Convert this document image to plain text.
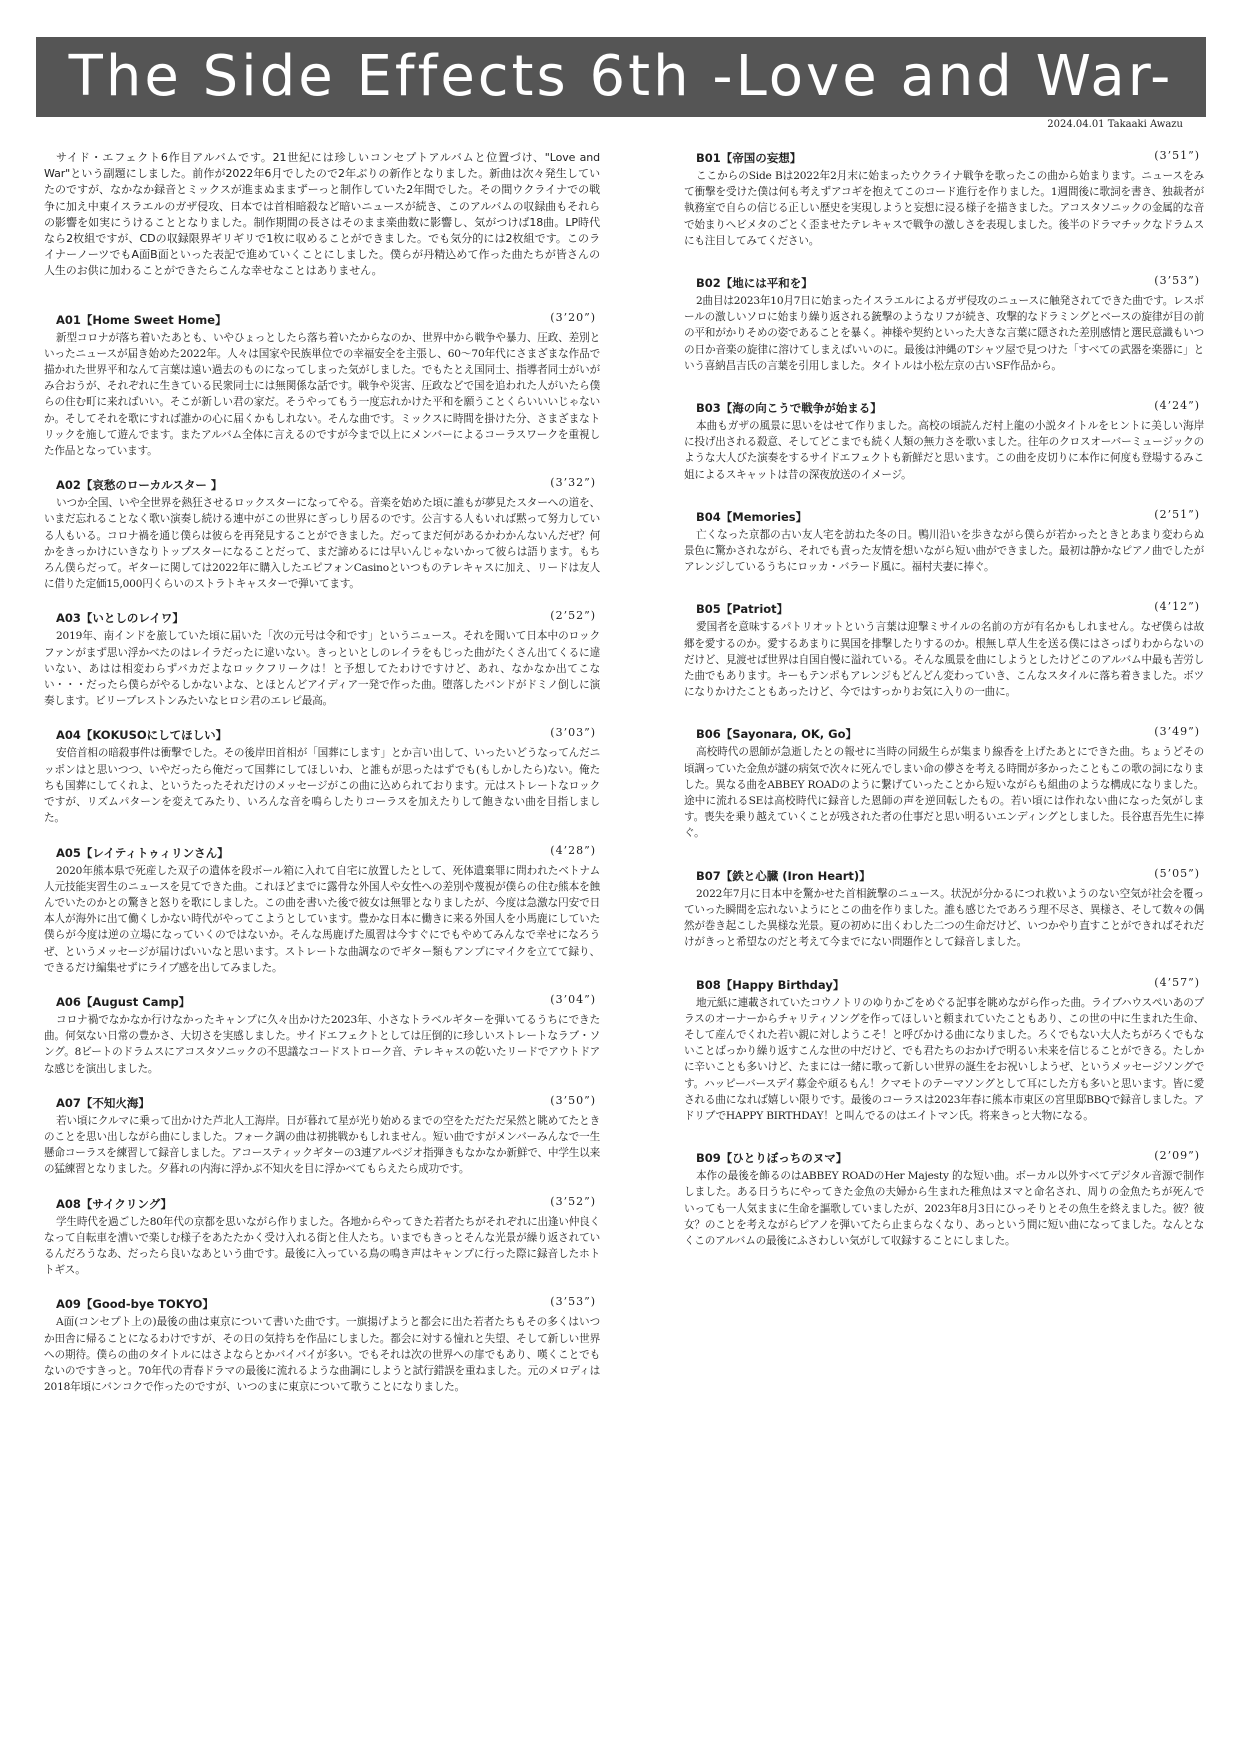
The Side Effects 6th -Love and War-
2024.04.01 Takaaki Awazu

サイド・エフェクト6作目アルバムです。21世紀には珍しいコンセプトアルバムと位置づけ、"Love and War"という副題にしました。前作が2022年6月でしたので2年ぶりの新作となりました。新曲は次々発生していたのですが、なかなか録音とミックスが進まぬままずーっと制作していた2年間でした。その間ウクライナでの戦争に加え中東イスラエルのガザ侵攻、日本では首相暗殺など暗いニュースが続き、このアルバムの収録曲もそれらの影響を如実にうけることとなりました。制作期間の長さはそのまま楽曲数に影響し、気がつけば18曲。LP時代なら2枚組ですが、CDの収録限界ギリギリで1枚に収めることができました。でも気分的には2枚組です。このライナーノーツでもA面B面といった表記で進めていくことにしました。僕らが丹精込めて作った曲たちが皆さんの人生のお供に加わることができたらこんな幸せなことはありません。

A01【Home Sweet Home】	(3’20”)

新型コロナが落ち着いたあとも、いやひょっとしたら落ち着いたからなのか、世界中から戦争や暴力、圧政、差別といったニュースが届き始めた2022年。人々は国家や民族単位での幸福安全を主張し、60〜70年代にさまざまな作品で描かれた世界平和なんて言葉は遠い過去のものになってしまった気がしました。でもたとえ国同士、指導者同士がいがみ合おうが、それぞれに生きている民衆同士には無関係な話です。戦争や災害、圧政などで国を追われた人がいたら僕らの住む町に来ればいい。そこが新しい君の家だ。そうやってもう一度忘れかけた平和を願うことくらいいいじゃないか。そしてそれを歌にすれば誰かの心に届くかもしれない。そんな曲です。ミックスに時間を掛けた分、さまざまなトリックを施して遊んでます。またアルバム全体に言えるのですが今まで以上にメンバーによるコーラスワークを重視した作品となっています。

A02【哀愁のローカルスター 】	(3’32”)

いつか全国、いや全世界を熱狂させるロックスターになってやる。音楽を始めた頃に誰もが夢見たスターへの道を、いまだ忘れることなく歌い演奏し続ける連中がこの世界にぎっしり居るのです。公言する人もいれば黙って努力している人もいる。コロナ禍を通じ僕らは彼らを再発見することができました。だってまだ何があるかわかんないんだぜ？何かをきっかけにいきなりトップスターになることだって、まだ諦めるには早いんじゃないかって彼らは語ります。もちろん僕らだって。ギターに関しては2022年に購入したエピフォンCasinoといつものテレキャスに加え、リードは友人に借りた定価15,000円くらいのストラトキャスターで弾いてます。

A03【いとしのレイワ】	(2’52”)

2019年、南インドを旅していた頃に届いた「次の元号は令和です」というニュース。それを聞いて日本中のロックファンがまず思い浮かべたのはレイラだったに違いない。きっといとしのレイラをもじった曲がたくさん出てくるに違いない、あはは相変わらずバカだよなロックフリークは！と予想してたわけですけど、あれ、なかなか出てこない・・・だったら僕らがやるしかないよな、とほとんどアイディア一発で作った曲。堕落したバンドがドミノ倒しに演奏します。ビリープレストンみたいなヒロシ君のエレピ最高。

A04【KOKUSOにしてほしい】	(3’03”)

安倍首相の暗殺事件は衝撃でした。その後岸田首相が「国葬にします」とか言い出して、いったいどうなってんだニッポンはと思いつつ、いやだったら俺だって国葬にしてほしいわ、と誰もが思ったはずでも(もしかしたら)ない。俺たちも国葬にしてくれよ、というたったそれだけのメッセージがこの曲に込められております。元はストレートなロックですが、リズムパターンを変えてみたり、いろんな音を鳴らしたりコーラスを加えたりして飽きない曲を目指しました。

A05【レイティトゥィリンさん】	(4’28”)

2020年熊本県で死産した双子の遺体を段ボール箱に入れて自宅に放置したとして、死体遺棄罪に問われたベトナム人元技能実習生のニュースを見てできた曲。これほどまでに露骨な外国人や女性への差別や蔑視が僕らの住む熊本を蝕んでいたのかとの驚きと怒りを歌にしました。この曲を書いた後で彼女は無罪となりましたが、今度は急激な円安で日本人が海外に出て働くしかない時代がやってこようとしています。豊かな日本に働きに来る外国人を小馬鹿にしていた僕らが今度は逆の立場になっていくのではないか。そんな馬鹿げた風習は今すぐにでもやめてみんなで幸せになろうぜ、というメッセージが届けばいいなと思います。ストレートな曲調なのでギター類もアンプにマイクを立てて録り、できるだけ編集せずにライブ感を出してみました。

A06【August Camp】	(3’04”)

コロナ禍でなかなか行けなかったキャンプに久々出かけた2023年、小さなトラベルギターを弾いてるうちにできた曲。何気ない日常の豊かさ、大切さを実感しました。サイドエフェクトとしては圧倒的に珍しいストレートなラブ・ソング。8ビートのドラムスにアコスタソニックの不思議なコードストローク音、テレキャスの乾いたリードでアウトドアな感じを演出しました。

A07【不知火海】	(3’50”)

若い頃にクルマに乗って出かけた芦北人工海岸。日が暮れて星が光り始めるまでの空をただただ呆然と眺めてたときのことを思い出しながら曲にしました。フォーク調の曲は初挑戦かもしれません。短い曲ですがメンバーみんなで一生懸命コーラスを練習して録音しました。アコースティックギターの3連アルペジオ指弾きもなかなか新鮮で、中学生以来の猛練習となりました。夕暮れの内海に浮かぶ不知火を目に浮かべてもらえたら成功です。

A08【サイクリング】	(3’52”)

学生時代を過ごした80年代の京都を思いながら作りました。各地からやってきた若者たちがそれぞれに出逢い仲良くなって自転車を漕いで楽しむ様子をあたたかく受け入れる街と住人たち。いまでもきっとそんな光景が繰り返されているんだろうなあ、だったら良いなあという曲です。最後に入っている鳥の鳴き声はキャンプに行った際に録音したホトトギス。

A09【Good-bye TOKYO】	(3’53”)

A面(コンセプト上の)最後の曲は東京について書いた曲です。一旗揚げようと都会に出た若者たちもその多くはいつか田舎に帰ることになるわけですが、その日の気持ちを作品にしました。都会に対する憧れと失望、そして新しい世界への期待。僕らの曲のタイトルにはさよならとかバイバイが多い。でもそれは次の世界への扉でもあり、嘆くことでもないのですきっと。70年代の青春ドラマの最後に流れるような曲調にしようと試行錯誤を重ねました。元のメロディは2018年頃にバンコクで作ったのですが、いつのまに東京について歌うことになりました。

B01【帝国の妄想】	(3’51”)

ここからのSide Bは2022年2月末に始まったウクライナ戦争を歌ったこの曲から始まります。ニュースをみて衝撃を受けた僕は何も考えずアコギを抱えてこのコード進行を作りました。1週間後に歌詞を書き、独裁者が執務室で自らの信じる正しい歴史を実現しようと妄想に浸る様子を描きました。アコスタソニックの金属的な音で始まりヘビメタのごとく歪ませたテレキャスで戦争の激しさを表現しました。後半のドラマチックなドラムスにも注目してみてください。

B02【地には平和を】	(3’53”)

2曲目は2023年10月7日に始まったイスラエルによるガザ侵攻のニュースに触発されてできた曲です。レスポールの激しいソロに始まり繰り返される銃撃のようなリフが続き、攻撃的なドラミングとベースの旋律が目の前の平和がかりそめの姿であることを暴く。神様や契約といった大きな言葉に隠された差別感情と選民意識もいつの日か音楽の旋律に溶けてしまえばいいのに。最後は沖縄のTシャツ屋で見つけた「すべての武器を楽器に」という喜納昌吉氏の言葉を引用しました。タイトルは小松左京の古いSF作品から。

B03【海の向こうで戦争が始まる】	(4’24”)

本曲もガザの風景に思いをはせて作りました。高校の頃読んだ村上龍の小説タイトルをヒントに美しい海岸に投げ出される殺意、そしてどこまでも続く人類の無力さを歌いました。往年のクロスオーバーミュージックのような大人びた演奏をするサイドエフェクトも新鮮だと思います。この曲を皮切りに本作に何度も登場するみこ姐によるスキャットは昔の深夜放送のイメージ。

B04【Memories】	(2’51”)

亡くなった京都の古い友人宅を訪ねた冬の日。鴨川沿いを歩きながら僕らが若かったときとあまり変わらぬ景色に驚かされながら、それでも責った友情を想いながら短い曲ができました。最初は静かなピアノ曲でしたがアレンジしているうちにロッカ・バラード風に。福村夫妻に捧ぐ。

B05【Patriot】	(4’12”)

愛国者を意味するパトリオットという言葉は迎撃ミサイルの名前の方が有名かもしれません。なぜ僕らは故郷を愛するのか。愛するあまりに異国を排撃したりするのか。根無し草人生を送る僕にはさっぱりわからないのだけど、見渡せば世界は自国自慢に溢れている。そんな風景を曲にしようとしたけどこのアルバム中最も苦労した曲でもあります。キーもテンポもアレンジもどんどん変わっていき、こんなスタイルに落ち着きました。ボツになりかけたこともあったけど、今ではすっかりお気に入りの一曲に。

B06【Sayonara, OK, Go】	(3’49”)

高校時代の恩師が急逝したとの報せに当時の同級生らが集まり線香を上げたあとにできた曲。ちょうどその頃調っていた金魚が謎の病気で次々に死んでしまい命の儚さを考える時間が多かったこともこの歌の詞になりました。異なる曲をABBEY ROADのように繋げていったことから短いながらも組曲のような構成になりました。途中に流れるSEは高校時代に録音した恩師の声を逆回転したもの。若い頃には作れない曲になった気がします。喪失を乗り越えていくことが残された者の仕事だと思い明るいエンディングとしました。長谷恵吾先生に捧ぐ。

B07【鉄と心臓 (Iron Heart)】	(5’05”)

2022年7月に日本中を驚かせた首相銃撃のニュース。状況が分かるにつれ救いようのない空気が社会を覆っていった瞬間を忘れないようにとこの曲を作りました。誰も感じたであろう理不尽さ、異様さ、そして数々の偶然が巻き起こした異様な光景。夏の初めに出くわした二つの生命だけど、いつかやり直すことができればそれだけがきっと希望なのだと考えて今までにない問題作として録音しました。

B08【Happy Birthday】	(4’57”)

地元紙に連載されていたコウノトリのゆりかごをめぐる記事を眺めながら作った曲。ライブハウスぺいあのプラスのオーナーからチャリティソングを作ってほしいと頼まれていたこともあり、この世の中に生まれた生命、そして産んでくれた若い親に対しようこそ！と呼びかける曲になりました。ろくでもない大人たちがろくでもないことばっかり繰り返すこんな世の中だけど、でも君たちのおかげで明るい未来を信じることができる。たしかに辛いことも多いけど、たまには一緒に歌って新しい世界の誕生をお祝いしようぜ、というメッセージソングです。ハッピーバースデイ募金や頑るもん！クマモトのテーマソングとして耳にした方も多いと思います。皆に愛される曲になれば嬉しい限りです。最後のコーラスは2023年春に熊本市東区の宮里邸BBQで録音しました。アドリブでHAPPY BIRTHDAY！と叫んでるのはエイトマン氏。将来きっと大物になる。

B09【ひとりぼっちのヌマ】	(2’09”)

本作の最後を飾るのはABBEY ROADのHer Majesty 的な短い曲。ボーカル以外すべてデジタル音源で制作しました。ある日うちにやってきた金魚の夫婦から生まれた稚魚はヌマと命名され、周りの金魚たちが死んでいっても一人気ままに生命を謳歌していましたが、2023年8月3日にひっそりとその魚生を終えました。彼？彼女？のことを考えながらピアノを弾いてたら止まらなくなり、あっという間に短い曲になってました。なんとなくこのアルバムの最後にふさわしい気がして収録することにしました。
